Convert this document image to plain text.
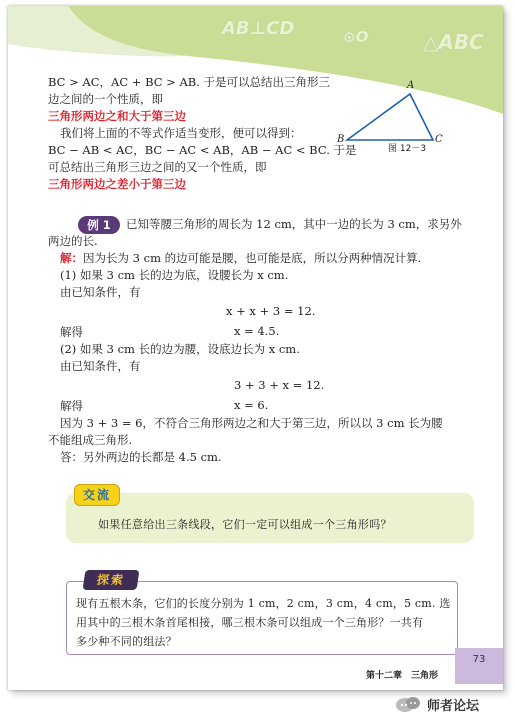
AB⊥CD	⊙O	△ABC
A
B	C
图 12－3
BC > AC，AC + BC > AB. 于是可以总结出三角形三
边之间的一个性质，即
三角形两边之和大于第三边
我们将上面的不等式作适当变形，便可以得到：
BC − AB < AC，BC − AC < AB，AB − AC < BC. 于是
可总结出三角形三边之间的又一个性质，即
三角形两边之差小于第三边
例 1	已知等腰三角形的周长为 12 cm，其中一边的长为 3 cm，求另外
两边的长.
解：因为长为 3 cm 的边可能是腰，也可能是底，所以分两种情况计算.
(1) 如果 3 cm 长的边为底，设腰长为 x cm.
由已知条件，有
x + x + 3 = 12.
解得	x = 4.5.
(2) 如果 3 cm 长的边为腰，设底边长为 x cm.
由已知条件，有
3 + 3 + x = 12.
解得	x = 6.
因为 3 + 3 = 6，不符合三角形两边之和大于第三边，所以以 3 cm 长为腰
不能组成三角形.
答：另外两边的长都是 4.5 cm.
交流
如果任意给出三条线段，它们一定可以组成一个三角形吗？
探索
现有五根木条，它们的长度分别为 1 cm，2 cm，3 cm，4 cm，5 cm. 选
用其中的三根木条首尾相接，哪三根木条可以组成一个三角形？一共有
多少种不同的组法？
第十二章　三角形
73
师者论坛
